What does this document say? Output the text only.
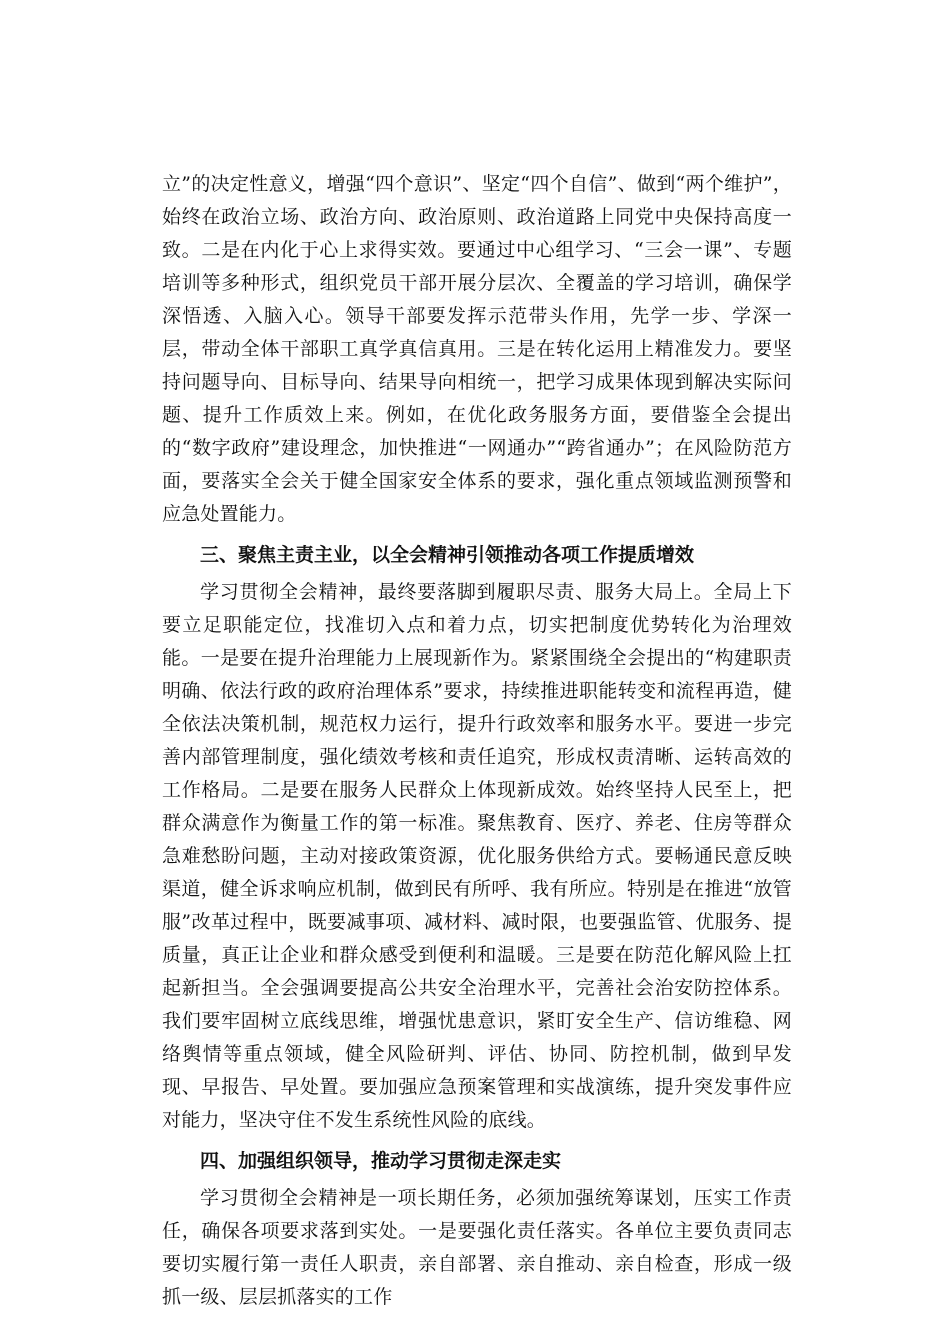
立”的决定性意义，增强“四个意识”、坚定“四个自信”、做到“两个维护”，始终在政治立场、政治方向、政治原则、政治道路上同党中央保持高度一致。二是在内化于心上求得实效。要通过中心组学习、“三会一课”、专题培训等多种形式，组织党员干部开展分层次、全覆盖的学习培训，确保学深悟透、入脑入心。领导干部要发挥示范带头作用，先学一步、学深一层，带动全体干部职工真学真信真用。三是在转化运用上精准发力。要坚持问题导向、目标导向、结果导向相统一，把学习成果体现到解决实际问题、提升工作质效上来。例如，在优化政务服务方面，要借鉴全会提出的“数字政府”建设理念，加快推进“一网通办”“跨省通办”；在风险防范方面，要落实全会关于健全国家安全体系的要求，强化重点领域监测预警和应急处置能力。

三、聚焦主责主业，以全会精神引领推动各项工作提质增效

学习贯彻全会精神，最终要落脚到履职尽责、服务大局上。全局上下要立足职能定位，找准切入点和着力点，切实把制度优势转化为治理效能。一是要在提升治理能力上展现新作为。紧紧围绕全会提出的“构建职责明确、依法行政的政府治理体系”要求，持续推进职能转变和流程再造，健全依法决策机制，规范权力运行，提升行政效率和服务水平。要进一步完善内部管理制度，强化绩效考核和责任追究，形成权责清晰、运转高效的工作格局。二是要在服务人民群众上体现新成效。始终坚持人民至上，把群众满意作为衡量工作的第一标准。聚焦教育、医疗、养老、住房等群众急难愁盼问题，主动对接政策资源，优化服务供给方式。要畅通民意反映渠道，健全诉求响应机制，做到民有所呼、我有所应。特别是在推进“放管服”改革过程中，既要减事项、减材料、减时限，也要强监管、优服务、提质量，真正让企业和群众感受到便利和温暖。三是要在防范化解风险上扛起新担当。全会强调要提高公共安全治理水平，完善社会治安防控体系。我们要牢固树立底线思维，增强忧患意识，紧盯安全生产、信访维稳、网络舆情等重点领域，健全风险研判、评估、协同、防控机制，做到早发现、早报告、早处置。要加强应急预案管理和实战演练，提升突发事件应对能力，坚决守住不发生系统性风险的底线。

四、加强组织领导，推动学习贯彻走深走实

学习贯彻全会精神是一项长期任务，必须加强统筹谋划，压实工作责任，确保各项要求落到实处。一是要强化责任落实。各单位主要负责同志要切实履行第一责任人职责，亲自部署、亲自推动、亲自检查，形成一级抓一级、层层抓落实的工作
